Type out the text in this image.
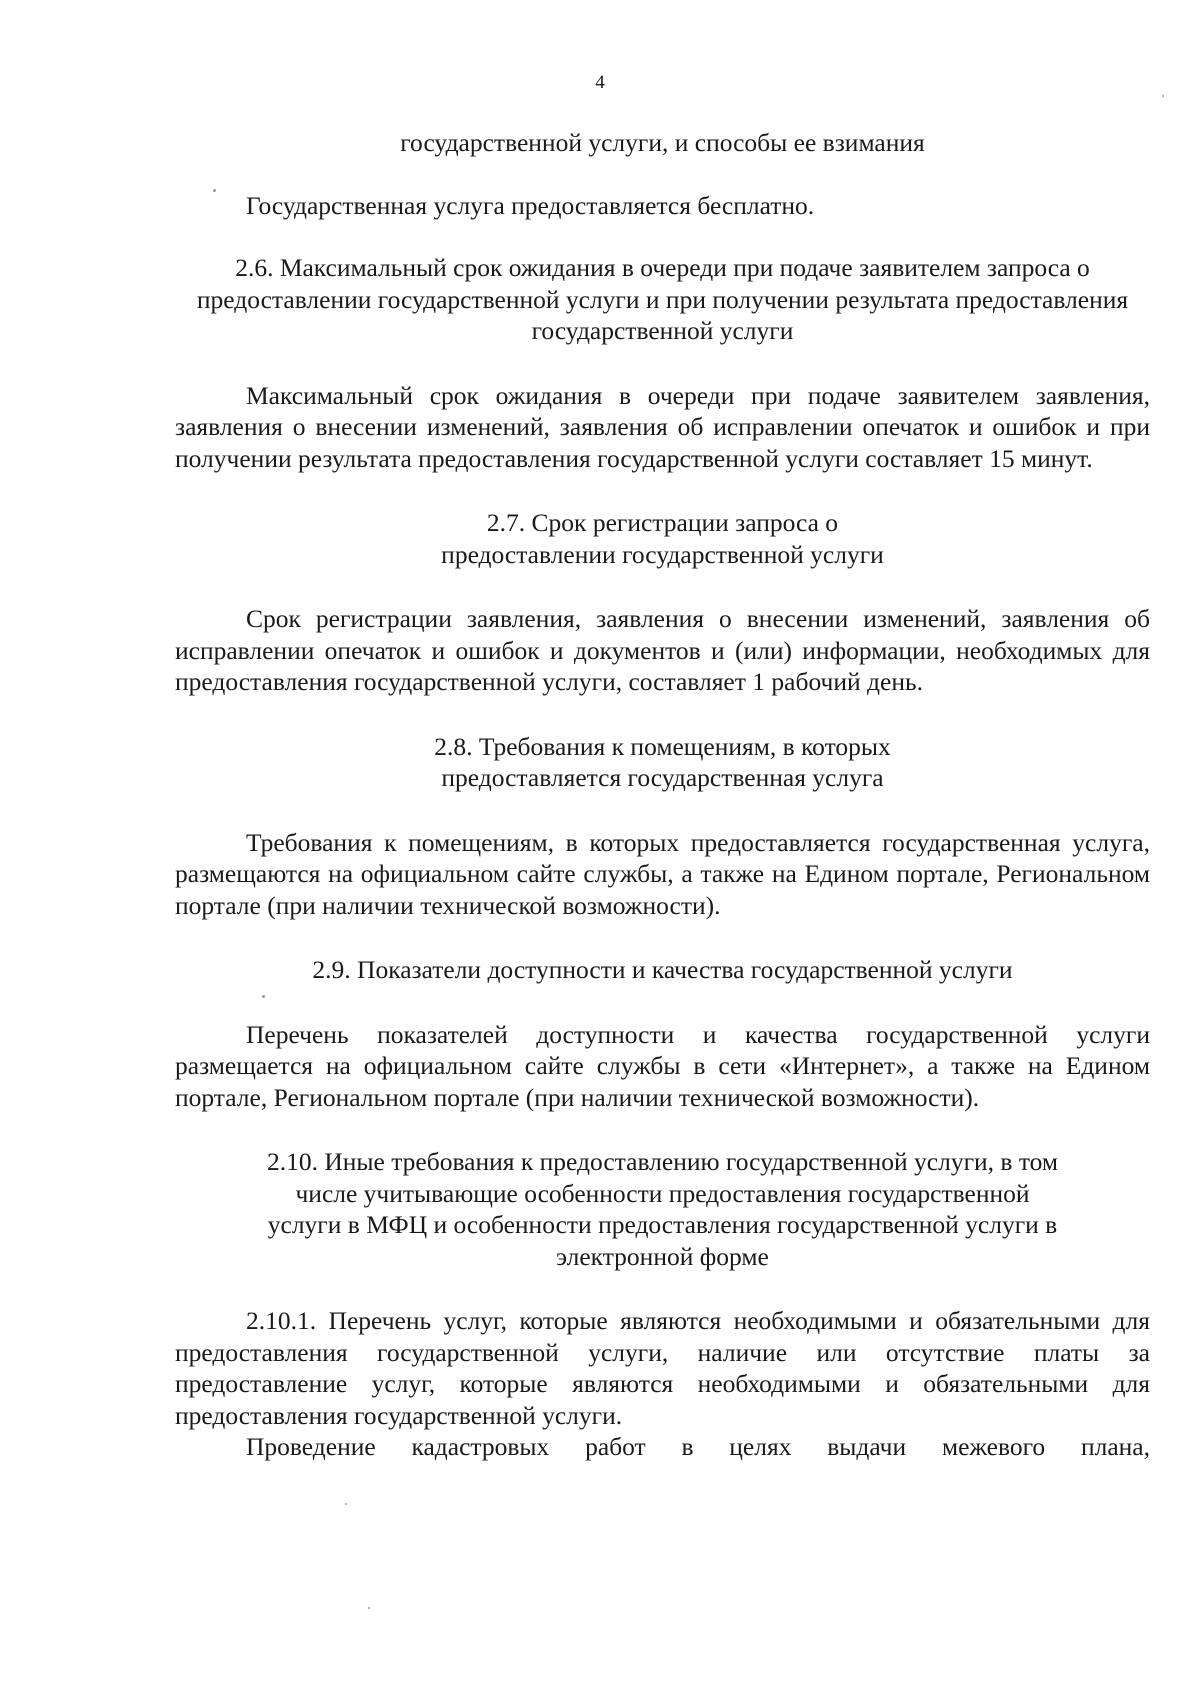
4

государственной услуги, и способы ее взимания

Государственная услуга предоставляется бесплатно.

2.6. Максимальный срок ожидания в очереди при подаче заявителем запроса о предоставлении государственной услуги и при получении результата предоставления государственной услуги

Максимальный срок ожидания в очереди при подаче заявителем заявления, заявления о внесении изменений, заявления об исправлении опечаток и ошибок и при получении результата предоставления государственной услуги составляет 15 минут.

2.7. Срок регистрации запроса о предоставлении государственной услуги

Срок регистрации заявления, заявления о внесении изменений, заявления об исправлении опечаток и ошибок и документов и (или) информации, необходимых для предоставления государственной услуги, составляет 1 рабочий день.

2.8. Требования к помещениям, в которых предоставляется государственная услуга

Требования к помещениям, в которых предоставляется государственная услуга, размещаются на официальном сайте службы, а также на Едином портале, Региональном портале (при наличии технической возможности).

2.9. Показатели доступности и качества государственной услуги

Перечень показателей доступности и качества государственной услуги размещается на официальном сайте службы в сети «Интернет», а также на Едином портале, Региональном портале (при наличии технической возможности).

2.10. Иные требования к предоставлению государственной услуги, в том числе учитывающие особенности предоставления государственной услуги в МФЦ и особенности предоставления государственной услуги в электронной форме

2.10.1. Перечень услуг, которые являются необходимыми и обязательными для предоставления государственной услуги, наличие или отсутствие платы за предоставление услуг, которые являются необходимыми и обязательными для предоставления государственной услуги.

Проведение кадастровых работ в целях выдачи межевого плана,
